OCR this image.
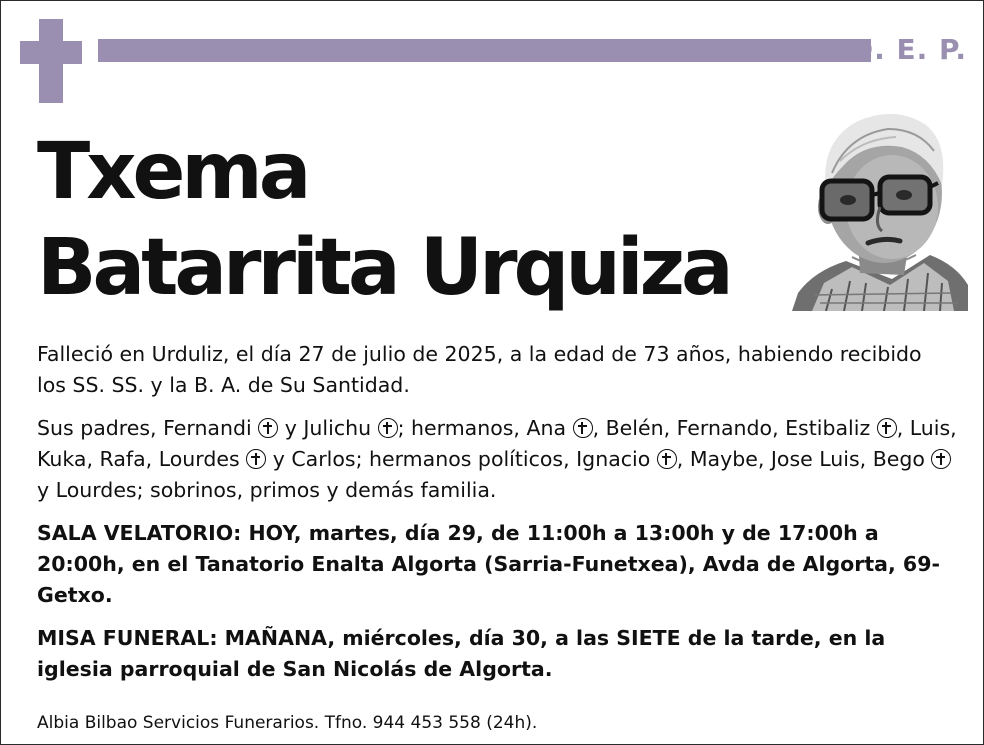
D. E. P.
Txema
Batarrita Urquiza

Falleció en Urduliz, el día 27 de julio de 2025, a la edad de 73 años, habiendo recibido los SS. SS. y la B. A. de Su Santidad.

Sus padres, Fernandi  y Julichu ; hermanos, Ana , Belén, Fernando, Estibaliz , Luis, Kuka, Rafa, Lourdes  y Carlos; hermanos políticos, Ignacio , Maybe, Jose Luis, Bego  y Lourdes; sobrinos, primos y demás familia.

SALA VELATORIO: HOY, martes, día 29, de 11:00h a 13:00h y de 17:00h a 20:00h, en el Tanatorio Enalta Algorta (Sarria-Funetxea), Avda de Algorta, 69-Getxo.

MISA FUNERAL: MAÑANA, miércoles, día 30, a las SIETE de la tarde, en la iglesia parroquial de San Nicolás de Algorta.

Albia Bilbao Servicios Funerarios. Tfno. 944 453 558 (24h).
